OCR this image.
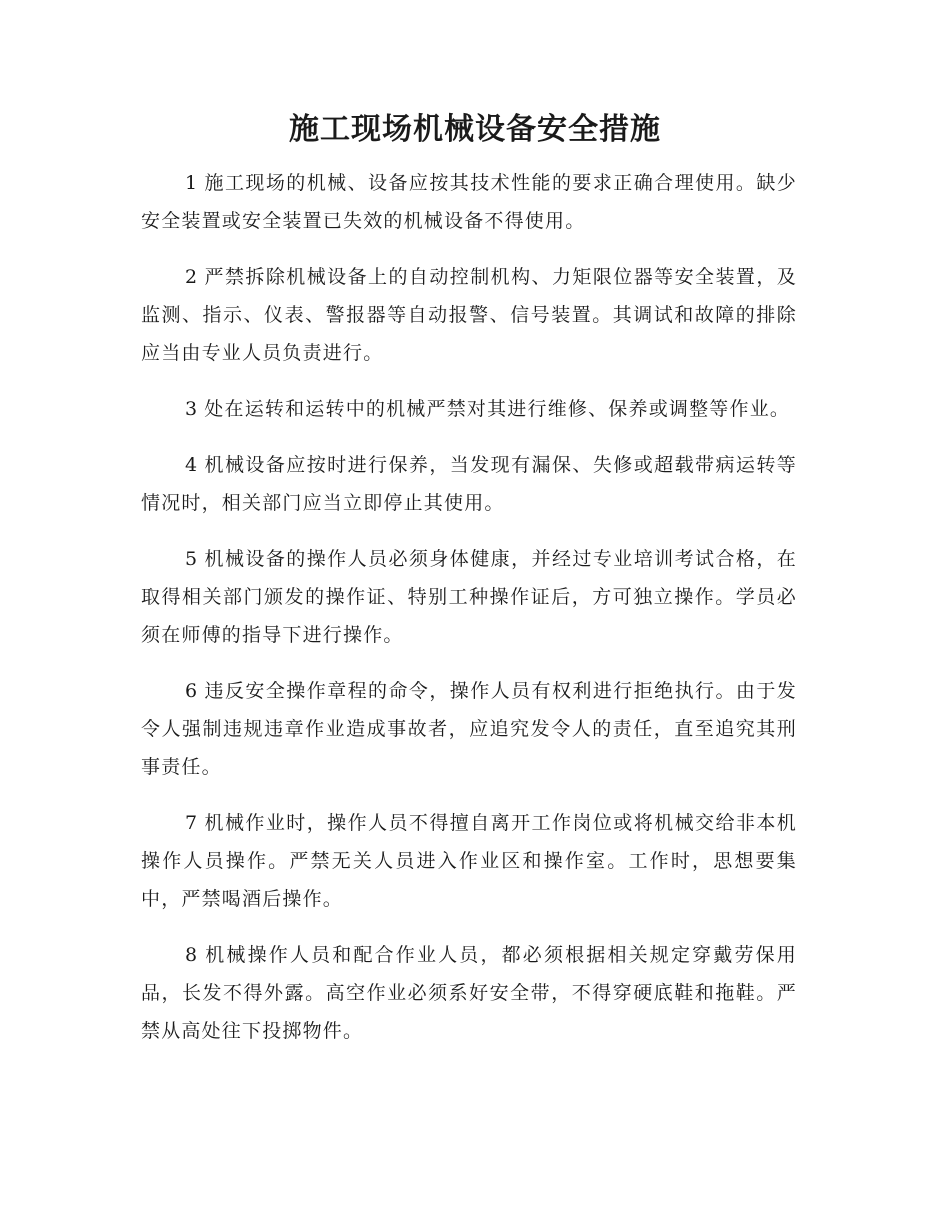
施工现场机械设备安全措施

1 施工现场的机械、设备应按其技术性能的要求正确合理使用。缺少安全装置或安全装置已失效的机械设备不得使用。

2 严禁拆除机械设备上的自动控制机构、力矩限位器等安全装置，及监测、指示、仪表、警报器等自动报警、信号装置。其调试和故障的排除应当由专业人员负责进行。

3 处在运转和运转中的机械严禁对其进行维修、保养或调整等作业。

4 机械设备应按时进行保养，当发现有漏保、失修或超载带病运转等情况时，相关部门应当立即停止其使用。

5 机械设备的操作人员必须身体健康，并经过专业培训考试合格，在取得相关部门颁发的操作证、特别工种操作证后，方可独立操作。学员必须在师傅的指导下进行操作。

6 违反安全操作章程的命令，操作人员有权利进行拒绝执行。由于发令人强制违规违章作业造成事故者，应追究发令人的责任，直至追究其刑事责任。

7 机械作业时，操作人员不得擅自离开工作岗位或将机械交给非本机操作人员操作。严禁无关人员进入作业区和操作室。工作时，思想要集中，严禁喝酒后操作。

8 机械操作人员和配合作业人员，都必须根据相关规定穿戴劳保用品，长发不得外露。高空作业必须系好安全带，不得穿硬底鞋和拖鞋。严禁从高处往下投掷物件。
